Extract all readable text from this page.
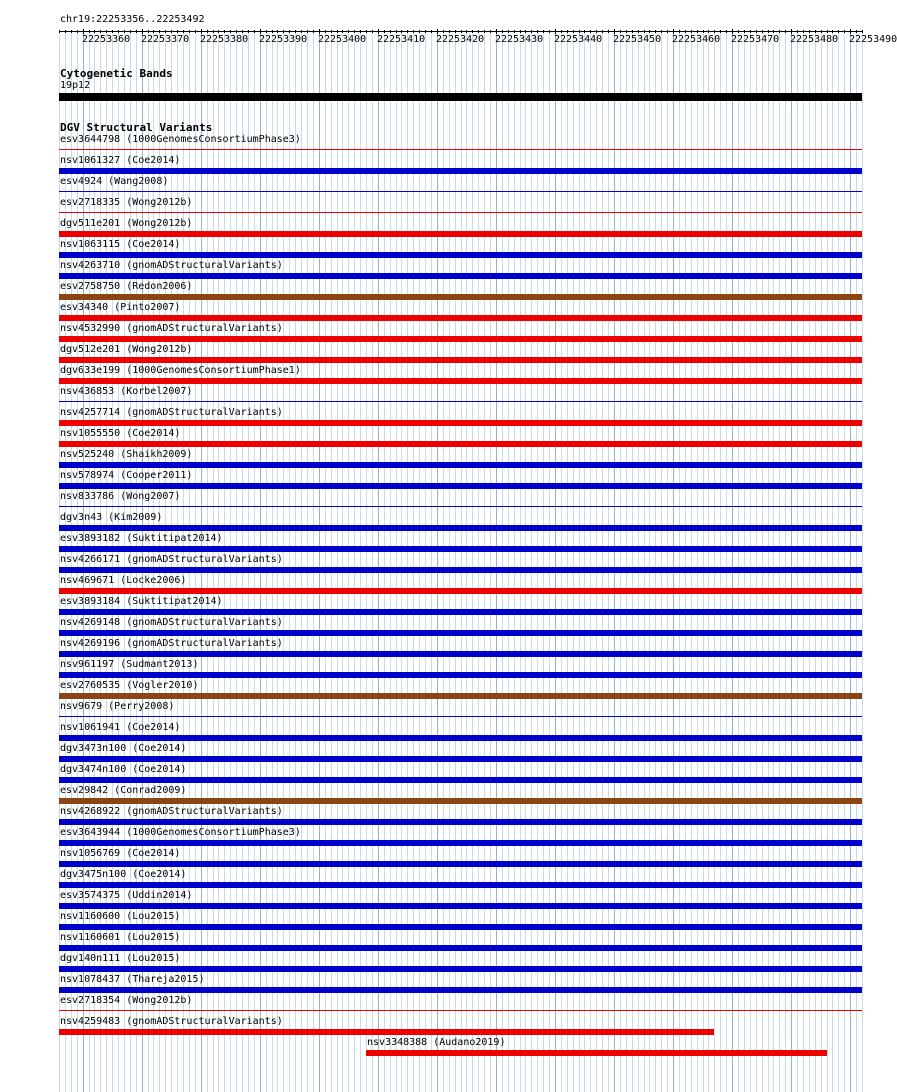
chr19:22253356..22253492
22253360 22253370 22253380 22253390 22253400 22253410 22253420 22253430 22253440 22253450 22253460 22253470 22253480 22253490
Cytogenetic Bands
19p12
DGV Structural Variants
esv3644798 (1000GenomesConsortiumPhase3)
nsv1061327 (Coe2014)
esv4924 (Wang2008)
esv2718335 (Wong2012b)
dgv511e201 (Wong2012b)
nsv1063115 (Coe2014)
nsv4263710 (gnomADStructuralVariants)
esv2758750 (Redon2006)
esv34340 (Pinto2007)
nsv4532990 (gnomADStructuralVariants)
dgv512e201 (Wong2012b)
dgv633e199 (1000GenomesConsortiumPhase1)
nsv436853 (Korbel2007)
nsv4257714 (gnomADStructuralVariants)
nsv1055550 (Coe2014)
nsv525240 (Shaikh2009)
nsv578974 (Cooper2011)
nsv833786 (Wong2007)
dgv3n43 (Kim2009)
esv3893182 (Suktitipat2014)
nsv4266171 (gnomADStructuralVariants)
nsv469671 (Locke2006)
esv3893184 (Suktitipat2014)
nsv4269148 (gnomADStructuralVariants)
nsv4269196 (gnomADStructuralVariants)
nsv961197 (Sudmant2013)
esv2760535 (Vogler2010)
nsv9679 (Perry2008)
nsv1061941 (Coe2014)
dgv3473n100 (Coe2014)
dgv3474n100 (Coe2014)
esv29842 (Conrad2009)
nsv4268922 (gnomADStructuralVariants)
esv3643944 (1000GenomesConsortiumPhase3)
nsv1056769 (Coe2014)
dgv3475n100 (Coe2014)
esv3574375 (Uddin2014)
nsv1160600 (Lou2015)
nsv1160601 (Lou2015)
dgv140n111 (Lou2015)
nsv1078437 (Thareja2015)
esv2718354 (Wong2012b)
nsv4259483 (gnomADStructuralVariants)
nsv3348388 (Audano2019)
